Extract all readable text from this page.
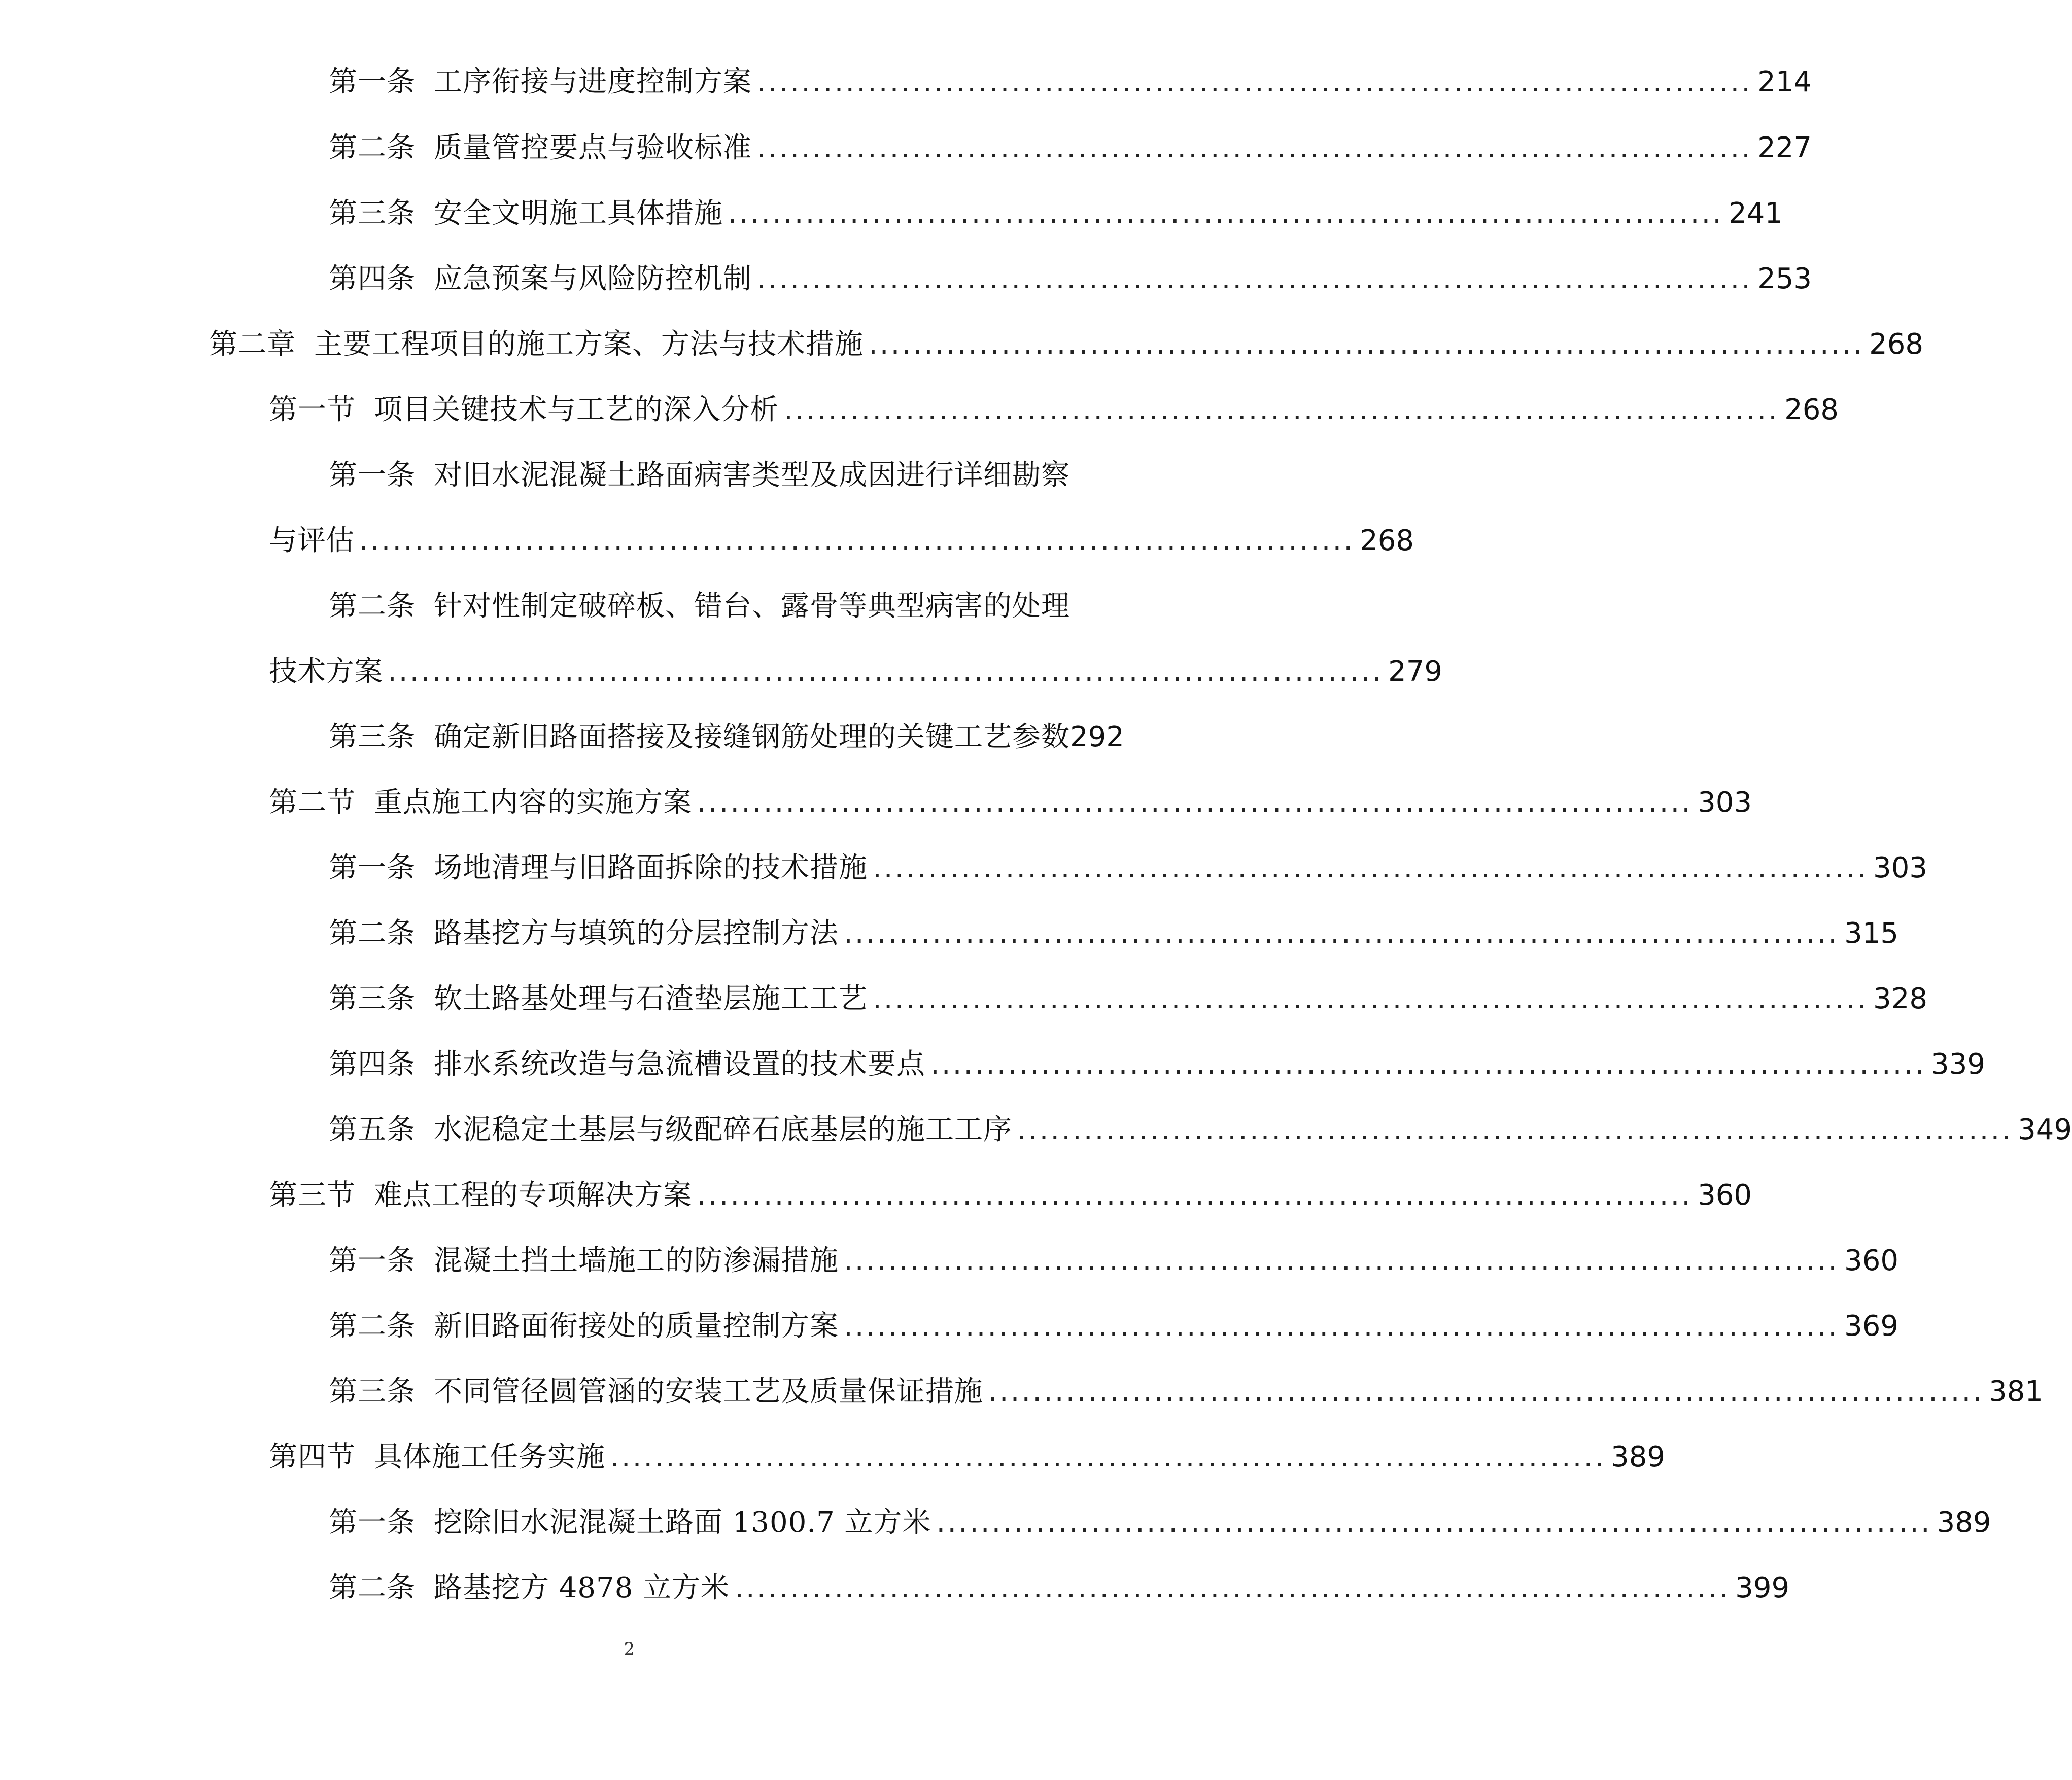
第一条 工序衔接与进度控制方案 .......................................................................................... 214
第二条 质量管控要点与验收标准 .......................................................................................... 227
第三条 安全文明施工具体措施 .......................................................................................... 241
第四条 应急预案与风险防控机制 .......................................................................................... 253
第二章 主要工程项目的施工方案、方法与技术措施 .......................................................................................... 268
第一节 项目关键技术与工艺的深入分析 .......................................................................................... 268
第一条 对旧水泥混凝土路面病害类型及成因进行详细勘察
与评估 .......................................................................................... 268
第二条 针对性制定破碎板、错台、露骨等典型病害的处理
技术方案 .......................................................................................... 279
第三条 确定新旧路面搭接及接缝钢筋处理的关键工艺参数292
第二节 重点施工内容的实施方案 .......................................................................................... 303
第一条 场地清理与旧路面拆除的技术措施 .......................................................................................... 303
第二条 路基挖方与填筑的分层控制方法 .......................................................................................... 315
第三条 软土路基处理与石渣垫层施工工艺 .......................................................................................... 328
第四条 排水系统改造与急流槽设置的技术要点 .......................................................................................... 339
第五条 水泥稳定土基层与级配碎石底基层的施工工序 .......................................................................................... 349
第三节 难点工程的专项解决方案 .......................................................................................... 360
第一条 混凝土挡土墙施工的防渗漏措施 .......................................................................................... 360
第二条 新旧路面衔接处的质量控制方案 .......................................................................................... 369
第三条 不同管径圆管涵的安装工艺及质量保证措施 .......................................................................................... 381
第四节 具体施工任务实施 .......................................................................................... 389
第一条 挖除旧水泥混凝土路面 1300.7 立方米 .......................................................................................... 389
第二条 路基挖方 4878 立方米 .......................................................................................... 399
2
